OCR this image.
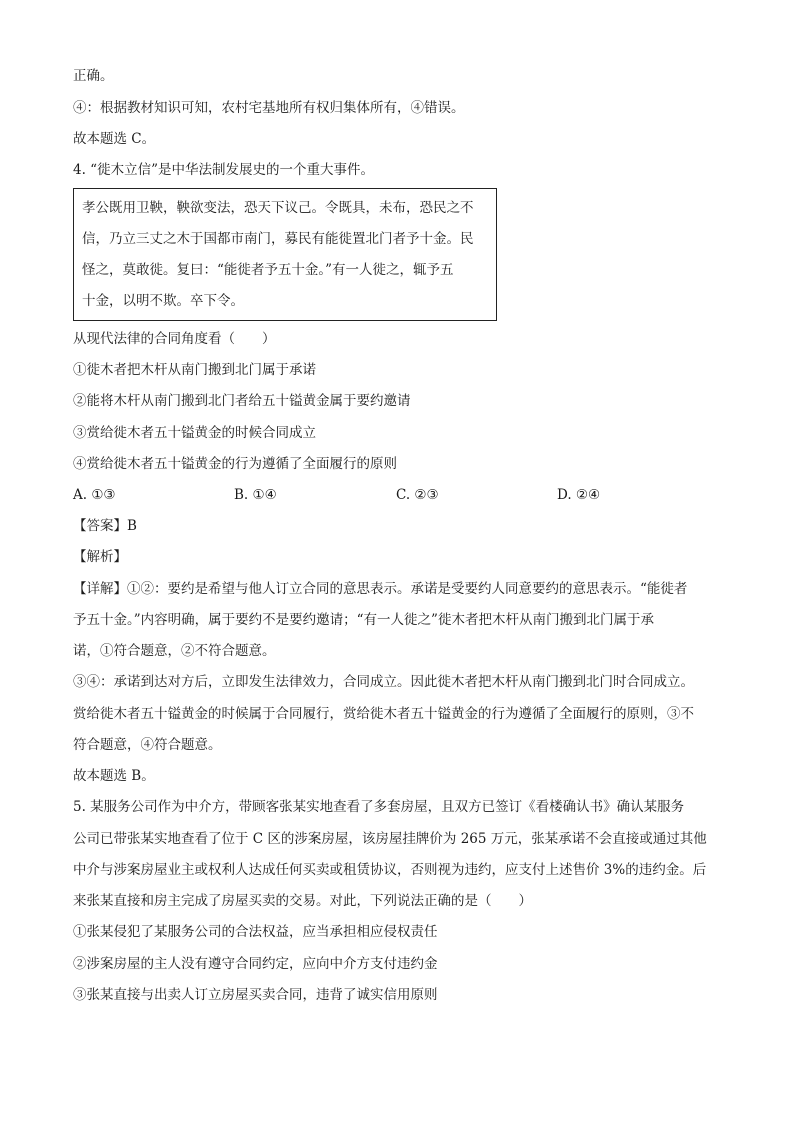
正确。
④：根据教材知识可知，农村宅基地所有权归集体所有，④错误。
故本题选 C。
4. “徙木立信”是中华法制发展史的一个重大事件。
孝公既用卫鞅，鞅欲变法，恐天下议己。令既具，未布，恐民之不
信，乃立三丈之木于国都市南门，募民有能徙置北门者予十金。民
怪之，莫敢徙。复曰：“能徙者予五十金。”有一人徙之，辄予五
十金，以明不欺。卒下令。
从现代法律的合同角度看（　　）
①徙木者把木杆从南门搬到北门属于承诺
②能将木杆从南门搬到北门者给五十镒黄金属于要约邀请
③赏给徙木者五十镒黄金的时候合同成立
④赏给徙木者五十镒黄金的行为遵循了全面履行的原则
A. ①③	B. ①④	C. ②③	D. ②④
【答案】B
【解析】
【详解】①②：要约是希望与他人订立合同的意思表示。承诺是受要约人同意要约的意思表示。“能徙者
予五十金。”内容明确，属于要约不是要约邀请；“有一人徙之”徙木者把木杆从南门搬到北门属于承
诺，①符合题意，②不符合题意。
③④：承诺到达对方后，立即发生法律效力，合同成立。因此徙木者把木杆从南门搬到北门时合同成立。
赏给徙木者五十镒黄金的时候属于合同履行，赏给徙木者五十镒黄金的行为遵循了全面履行的原则，③不
符合题意，④符合题意。
故本题选 B。
5. 某服务公司作为中介方，带顾客张某实地查看了多套房屋，且双方已签订《看楼确认书》确认某服务
公司已带张某实地查看了位于 C 区的涉案房屋，该房屋挂牌价为 265 万元，张某承诺不会直接或通过其他
中介与涉案房屋业主或权利人达成任何买卖或租赁协议，否则视为违约，应支付上述售价 3%的违约金。后
来张某直接和房主完成了房屋买卖的交易。对此，下列说法正确的是（　　）
①张某侵犯了某服务公司的合法权益，应当承担相应侵权责任
②涉案房屋的主人没有遵守合同约定，应向中介方支付违约金
③张某直接与出卖人订立房屋买卖合同，违背了诚实信用原则
